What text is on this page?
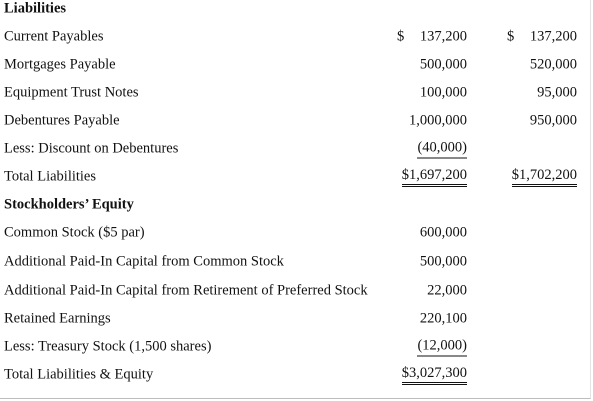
Liabilities
Current Payables	$	137,200	$	137,200
Mortgages Payable	500,000	520,000
Equipment Trust Notes	100,000	95,000
Debentures Payable	1,000,000	950,000
Less: Discount on Debentures	(40,000)
Total Liabilities	$1,697,200	$1,702,200
Stockholders’ Equity
Common Stock ($5 par)	600,000
Additional Paid-In Capital from Common Stock	500,000
Additional Paid-In Capital from Retirement of Preferred Stock	22,000
Retained Earnings	220,100
Less: Treasury Stock (1,500 shares)	(12,000)
Total Liabilities & Equity	$3,027,300
